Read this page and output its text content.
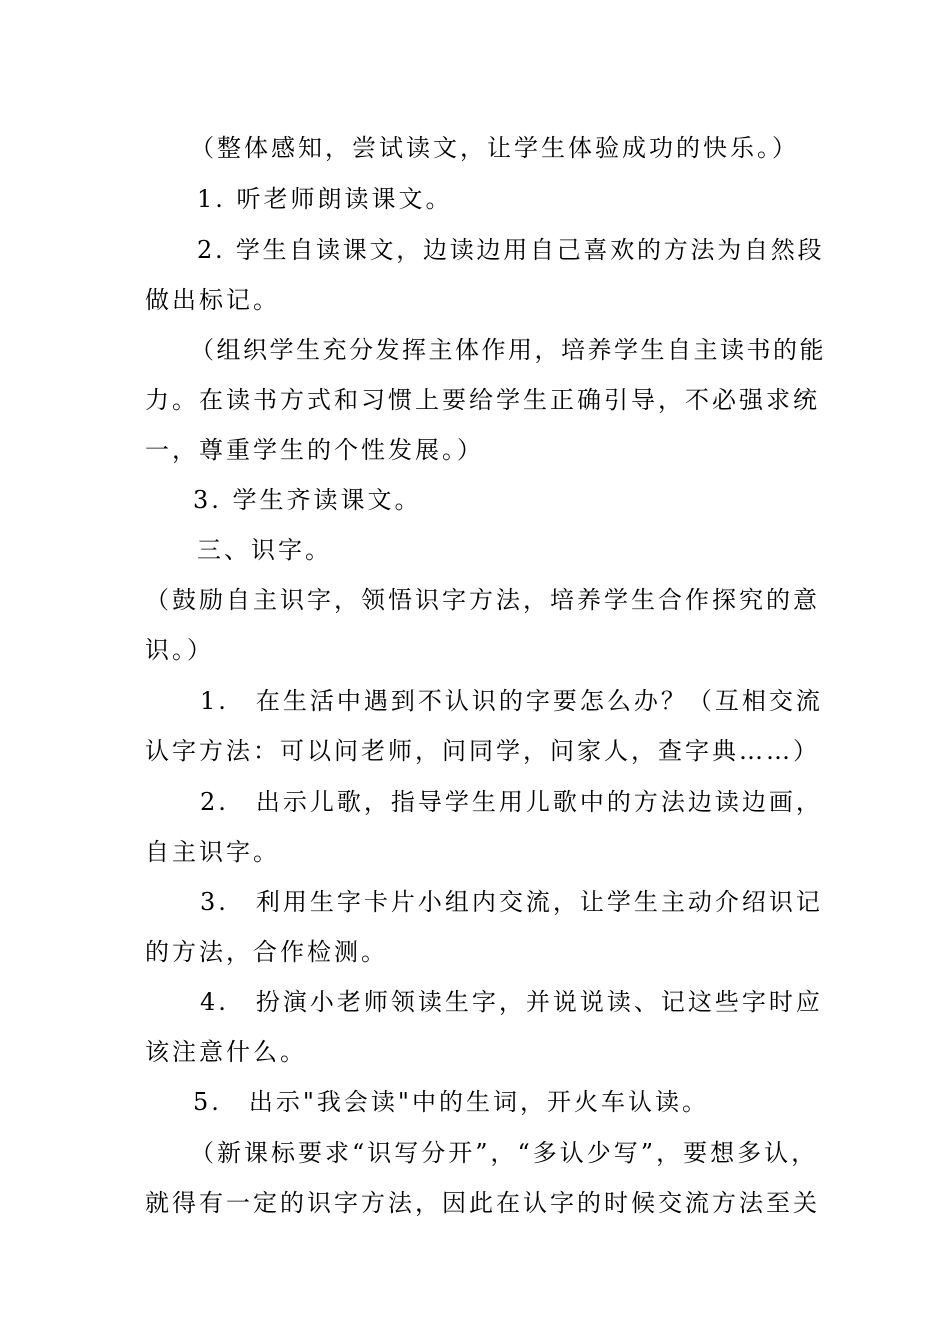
（整体感知，尝试读文，让学生体验成功的快乐。）
1. 听老师朗读课文。
2. 学生自读课文，边读边用自己喜欢的方法为自然段
做出标记。
（组织学生充分发挥主体作用，培养学生自主读书的能
力。在读书方式和习惯上要给学生正确引导，不必强求统
一，尊重学生的个性发展。）
3. 学生齐读课文。
三、识字。
（鼓励自主识字，领悟识字方法，培养学生合作探究的意
识。）
1.　在生活中遇到不认识的字要怎么办？（互相交流
认字方法：可以问老师，问同学，问家人，查字典……）
2.　出示儿歌，指导学生用儿歌中的方法边读边画，
自主识字。
3.　利用生字卡片小组内交流，让学生主动介绍识记
的方法，合作检测。
4.　扮演小老师领读生字，并说说读、记这些字时应
该注意什么。
5.　出示"我会读"中的生词，开火车认读。
（新课标要求“识写分开”，“多认少写”，要想多认，
就得有一定的识字方法，因此在认字的时候交流方法至关
